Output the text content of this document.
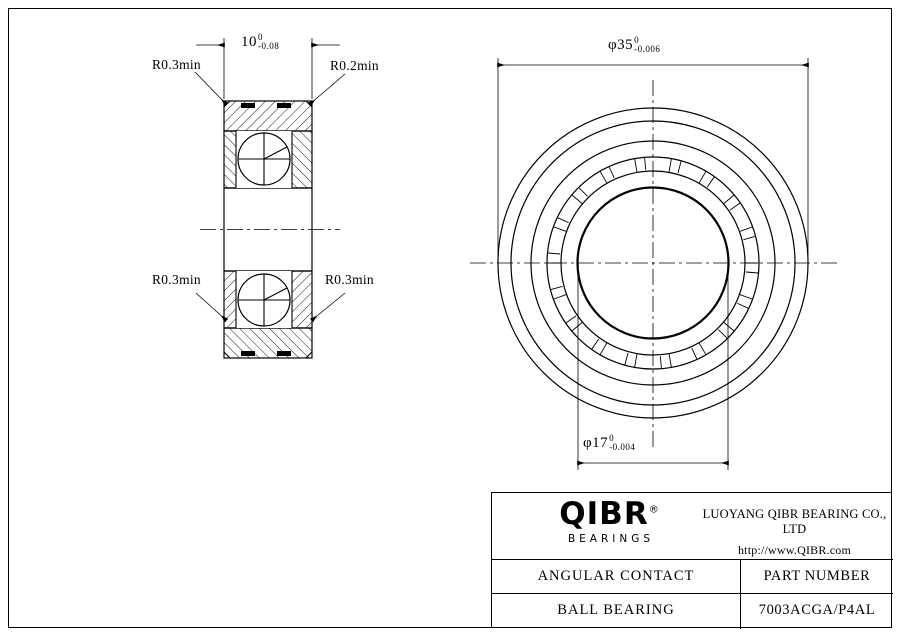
10 0
-0.08	φ35 0
-0.006
φ17 0
-0.004
R0.3min	R0.2min
R0.3min	R0.3min
QIBR®
BEARINGS
LUOYANG QIBR BEARING CO., LTD
http://www.QIBR.com
ANGULAR CONTACT	PART NUMBER
BALL BEARING	7003ACGA/P4AL
